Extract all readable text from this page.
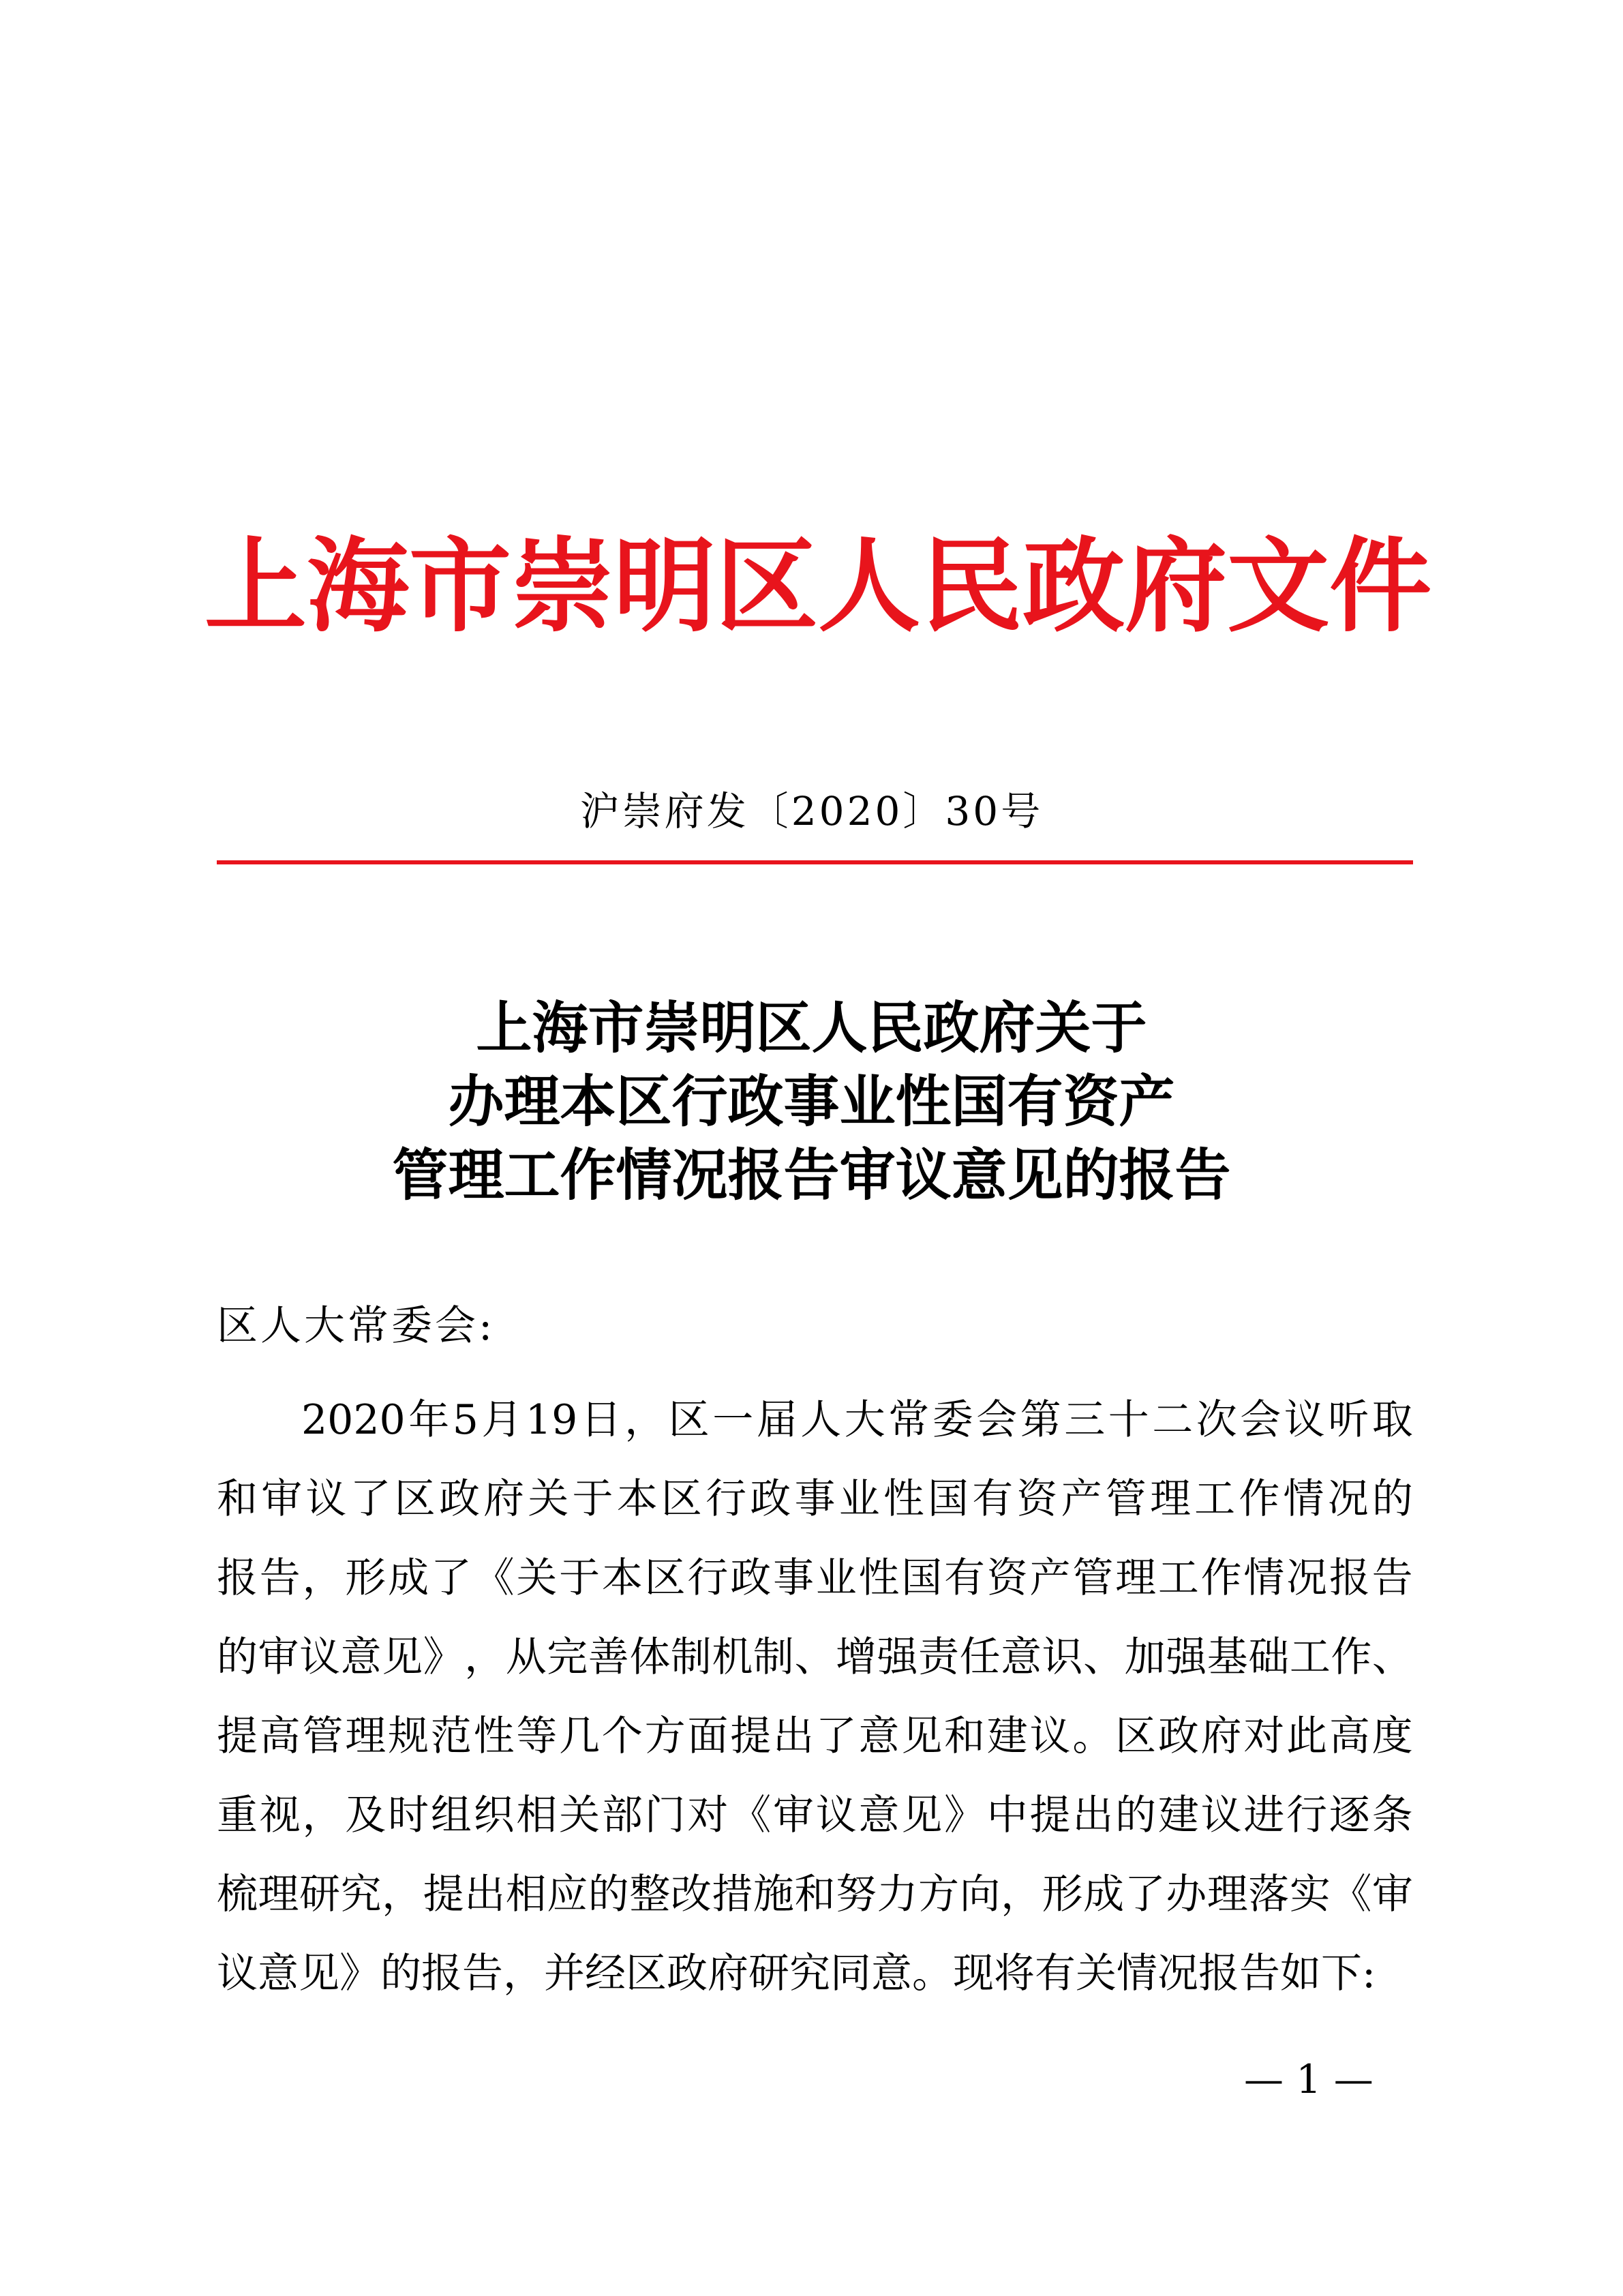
上 海 市 崇 明 区 人 民 政 府 文 件
沪崇府发〔2020〕30号
上海市崇明区人民政府关于
办理本区行政事业性国有资产
管理工作情况报告审议意见的报告
区人大常委会:
2020 年 5 月 19 日 ， 区 一 届 人 大 常 委 会 第 三 十 二 次 会 议 听 取
和 审 议 了 区 政 府 关 于 本 区 行 政 事 业 性 国 有 资 产 管 理 工 作 情 况 的
报 告 ， 形 成 了 《 关 于 本 区 行 政 事 业 性 国 有 资 产 管 理 工 作 情 况 报 告
的 审 议 意 见 》 ， 从 完 善 体 制 机 制 、 增 强 责 任 意 识 、 加 强 基 础 工 作 、
提 高 管 理 规 范 性 等 几 个 方 面 提 出 了 意 见 和 建 议 。 区 政 府 对 此 高 度
重 视 ， 及 时 组 织 相 关 部 门 对 《 审 议 意 见 》 中 提 出 的 建 议 进 行 逐 条
梳 理 研 究 ， 提 出 相 应 的 整 改 措 施 和 努 力 方 向 ， 形 成 了 办 理 落 实 《 审
议 意 见 》 的 报 告 ， 并 经 区 政 府 研 究 同 意 。 现 将 有 关 情 况 报 告 如 下 :
— 1 —
